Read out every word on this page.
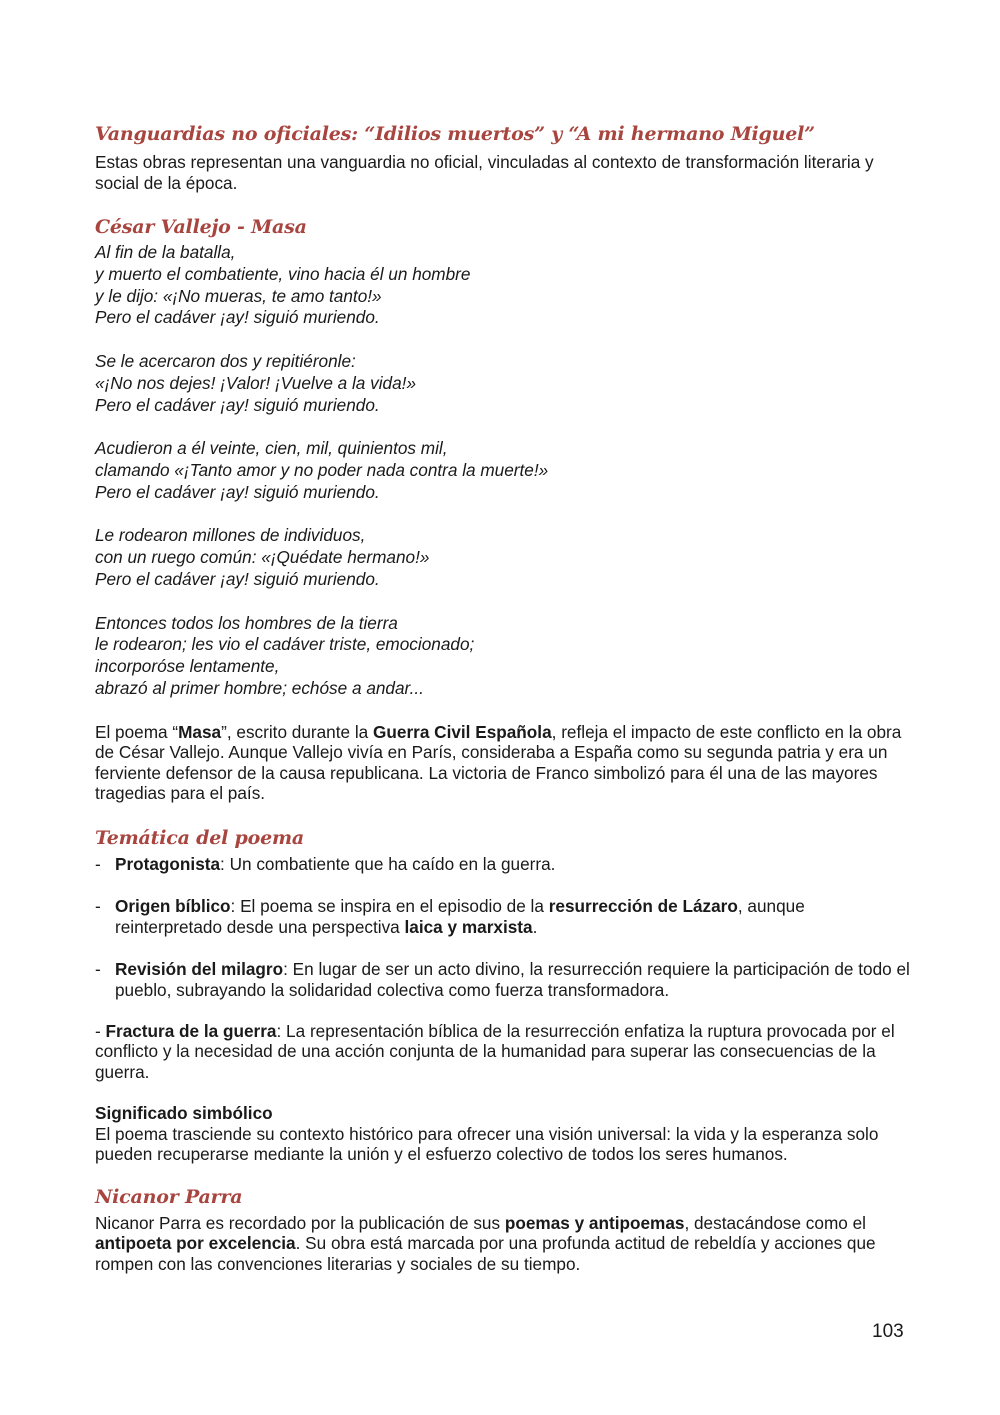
Vanguardias no oficiales: “Idilios muertos” y “A mi hermano Miguel”

Estas obras representan una vanguardia no oficial, vinculadas al contexto de transformación literaria y social de la época.

César Vallejo - Masa
Al fin de la batalla,
y muerto el combatiente, vino hacia él un hombre
y le dijo: «¡No mueras, te amo tanto!»
Pero el cadáver ¡ay! siguió muriendo.
Se le acercaron dos y repitiéronle:
«¡No nos dejes! ¡Valor! ¡Vuelve a la vida!»
Pero el cadáver ¡ay! siguió muriendo.
Acudieron a él veinte, cien, mil, quinientos mil,
clamando «¡Tanto amor y no poder nada contra la muerte!»
Pero el cadáver ¡ay! siguió muriendo.
Le rodearon millones de individuos,
con un ruego común: «¡Quédate hermano!»
Pero el cadáver ¡ay! siguió muriendo.
Entonces todos los hombres de la tierra
le rodearon; les vio el cadáver triste, emocionado;
incorporóse lentamente,
abrazó al primer hombre; echóse a andar...

El poema “Masa”, escrito durante la Guerra Civil Española, refleja el impacto de este conflicto en la obra de César Vallejo. Aunque Vallejo vivía en París, consideraba a España como su segunda patria y era un ferviente defensor de la causa republicana. La victoria de Franco simbolizó para él una de las mayores tragedias para el país.

Temática del poema
- Protagonista: Un combatiente que ha caído en la guerra.
- Origen bíblico: El poema se inspira en el episodio de la resurrección de Lázaro, aunque reinterpretado desde una perspectiva laica y marxista.
- Revisión del milagro: En lugar de ser un acto divino, la resurrección requiere la participación de todo el pueblo, subrayando la solidaridad colectiva como fuerza transformadora.

- Fractura de la guerra: La representación bíblica de la resurrección enfatiza la ruptura provocada por el conflicto y la necesidad de una acción conjunta de la humanidad para superar las consecuencias de la guerra.

Significado simbólico

El poema trasciende su contexto histórico para ofrecer una visión universal: la vida y la esperanza solo pueden recuperarse mediante la unión y el esfuerzo colectivo de todos los seres humanos.

Nicanor Parra

Nicanor Parra es recordado por la publicación de sus poemas y antipoemas, destacándose como el antipoeta por excelencia. Su obra está marcada por una profunda actitud de rebeldía y acciones que rompen con las convenciones literarias y sociales de su tiempo.

103
